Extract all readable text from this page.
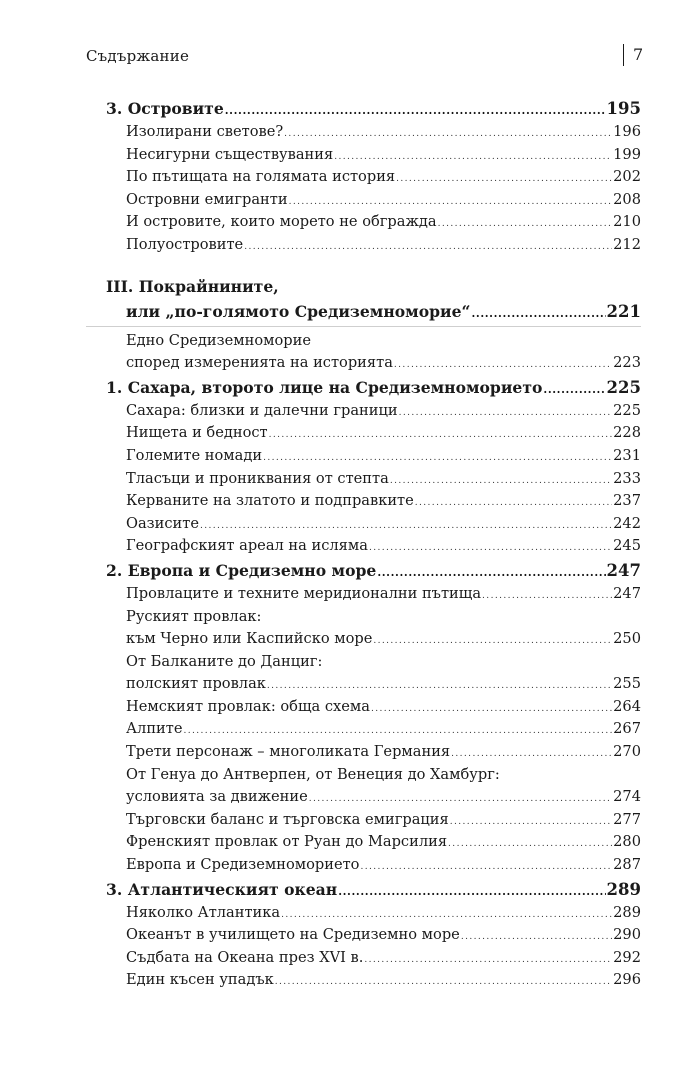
Съдържание	7
3. Островите .....	195
Изолирани светове? .....	196
Несигурни съществувания .....	199
По пътищата на голямата история .....	202
Островни емигранти .....	208
И островите, които морето не обгражда .....	210
Полуостровите .....	212
III. Покрайнините,
или „по-голямото Средиземноморие“ .....	221
Едно Средиземноморие
според измеренията на историята .....	223
1. Сахара, второто лице на Средиземноморието .....	225
Сахара: близки и далечни граници .....	225
Нищета и бедност .....	228
Големите номади .....	231
Тласъци и прониквания от степта .....	233
Керваните на златото и подправките .....	237
Оазисите .....	242
Географският ареал на исляма .....	245
2. Европа и Средиземно море .....	247
Провлаците и техните меридионални пътища .....	247
Руският провлак:
към Черно или Каспийско море .....	250
От Балканите до Данциг:
полският провлак .....	255
Немският провлак: обща схема .....	264
Алпите .....	267
Трети персонаж – многоликата Германия .....	270
От Генуа до Антверпен, от Венеция до Хамбург:
условията за движение .....	274
Търговски баланс и търговска емиграция .....	277
Френският провлак от Руан до Марсилия .....	280
Европа и Средиземноморието .....	287
3. Атлантическият океан .....	289
Няколко Атлантика .....	289
Океанът в училището на Средиземно море .....	290
Съдбата на Океана през XVI в. .....	292
Един късен упадък .....	296
